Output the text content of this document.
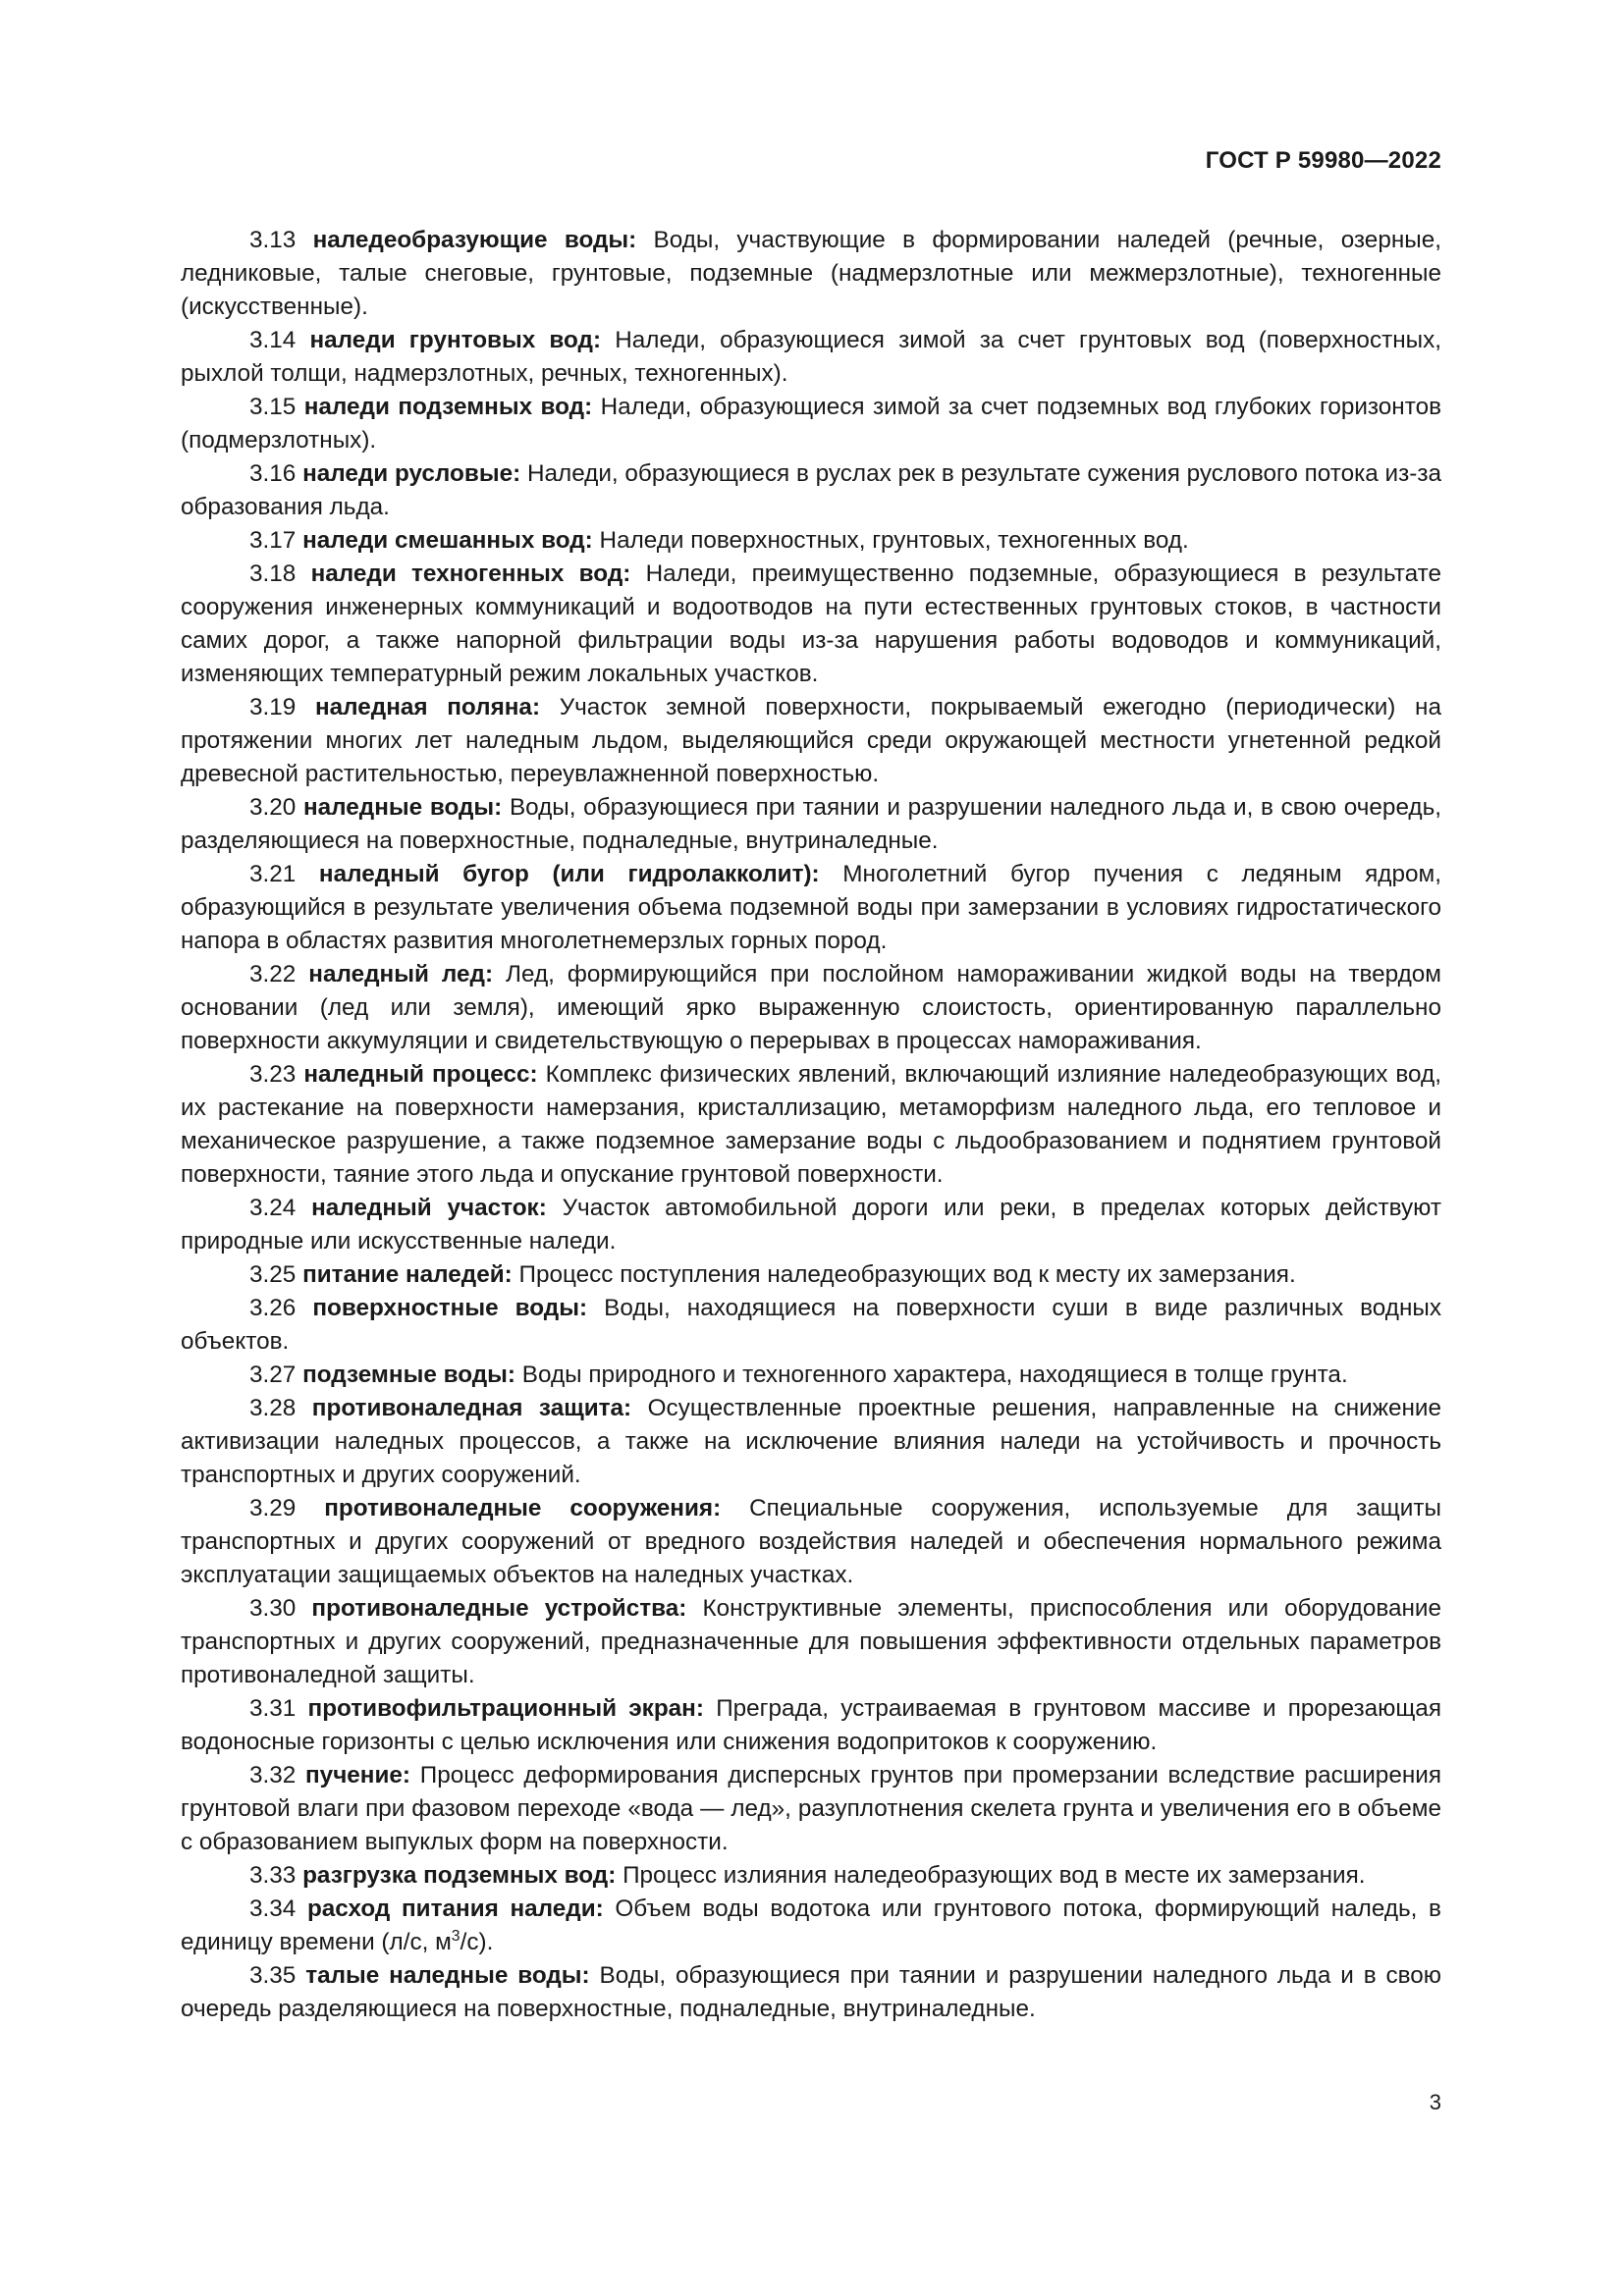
ГОСТ Р 59980—2022

3.13 наледеобразующие воды: Воды, участвующие в формировании наледей (речные, озерные, ледниковые, талые снеговые, грунтовые, подземные (надмерзлотные или межмерзлотные), техногенные (искусственные).

3.14 наледи грунтовых вод: Наледи, образующиеся зимой за счет грунтовых вод (поверхностных, рыхлой толщи, надмерзлотных, речных, техногенных).

3.15 наледи подземных вод: Наледи, образующиеся зимой за счет подземных вод глубоких горизонтов (подмерзлотных).

3.16 наледи русловые: Наледи, образующиеся в руслах рек в результате сужения руслового потока из-за образования льда.

3.17 наледи смешанных вод: Наледи поверхностных, грунтовых, техногенных вод.

3.18 наледи техногенных вод: Наледи, преимущественно подземные, образующиеся в результате сооружения инженерных коммуникаций и водоотводов на пути естественных грунтовых стоков, в частности самих дорог, а также напорной фильтрации воды из-за нарушения работы водоводов и коммуникаций, изменяющих температурный режим локальных участков.

3.19 наледная поляна: Участок земной поверхности, покрываемый ежегодно (периодически) на протяжении многих лет наледным льдом, выделяющийся среди окружающей местности угнетенной редкой древесной растительностью, переувлажненной поверхностью.

3.20 наледные воды: Воды, образующиеся при таянии и разрушении наледного льда и, в свою очередь, разделяющиеся на поверхностные, подналедные, внутриналедные.

3.21 наледный бугор (или гидролакколит): Многолетний бугор пучения с ледяным ядром, образующийся в результате увеличения объема подземной воды при замерзании в условиях гидростатического напора в областях развития многолетнемерзлых горных пород.

3.22 наледный лед: Лед, формирующийся при послойном намораживании жидкой воды на твердом основании (лед или земля), имеющий ярко выраженную слоистость, ориентированную параллельно поверхности аккумуляции и свидетельствующую о перерывах в процессах намораживания.

3.23 наледный процесс: Комплекс физических явлений, включающий излияние наледеобразующих вод, их растекание на поверхности намерзания, кристаллизацию, метаморфизм наледного льда, его тепловое и механическое разрушение, а также подземное замерзание воды с льдообразованием и поднятием грунтовой поверхности, таяние этого льда и опускание грунтовой поверхности.

3.24 наледный участок: Участок автомобильной дороги или реки, в пределах которых действуют природные или искусственные наледи.

3.25 питание наледей: Процесс поступления наледеобразующих вод к месту их замерзания.

3.26 поверхностные воды: Воды, находящиеся на поверхности суши в виде различных водных объектов.

3.27 подземные воды: Воды природного и техногенного характера, находящиеся в толще грунта.

3.28 противоналедная защита: Осуществленные проектные решения, направленные на снижение активизации наледных процессов, а также на исключение влияния наледи на устойчивость и прочность транспортных и других сооружений.

3.29 противоналедные сооружения: Специальные сооружения, используемые для защиты транспортных и других сооружений от вредного воздействия наледей и обеспечения нормального режима эксплуатации защищаемых объектов на наледных участках.

3.30 противоналедные устройства: Конструктивные элементы, приспособления или оборудование транспортных и других сооружений, предназначенные для повышения эффективности отдельных параметров противоналедной защиты.

3.31 противофильтрационный экран: Преграда, устраиваемая в грунтовом массиве и прорезающая водоносные горизонты с целью исключения или снижения водопритоков к сооружению.

3.32 пучение: Процесс деформирования дисперсных грунтов при промерзании вследствие расширения грунтовой влаги при фазовом переходе «вода — лед», разуплотнения скелета грунта и увеличения его в объеме с образованием выпуклых форм на поверхности.

3.33 разгрузка подземных вод: Процесс излияния наледеобразующих вод в месте их замерзания.

3.34 расход питания наледи: Объем воды водотока или грунтового потока, формирующий наледь, в единицу времени (л/с, $м^3/с$).

3.35 талые наледные воды: Воды, образующиеся при таянии и разрушении наледного льда и в свою очередь разделяющиеся на поверхностные, подналедные, внутриналедные.

3
